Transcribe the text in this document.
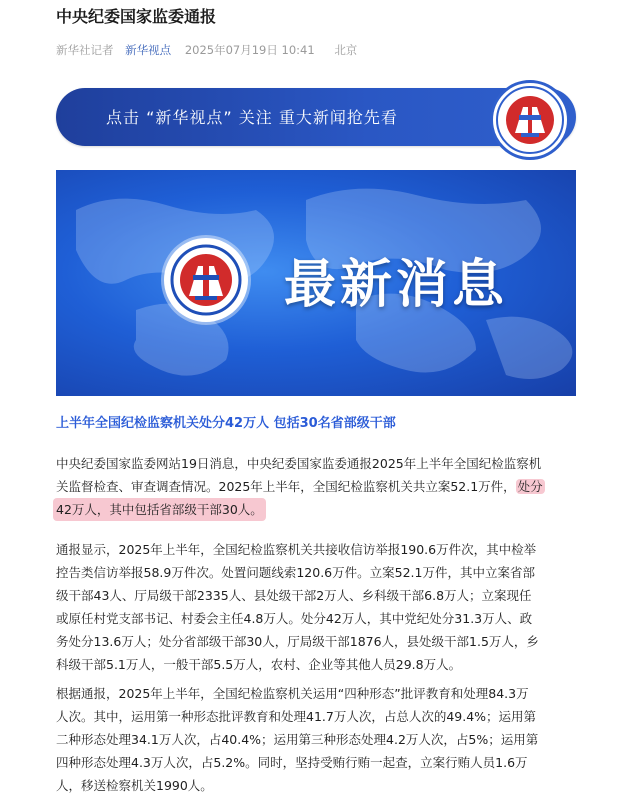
中央纪委国家监委通报
新华社记者 新华视点 2025年07月19日 10:41 北京
点击 “新华视点” 关注 重大新闻抢先看
最新消息
上半年全国纪检监察机关处分42万人 包括30名省部级干部
中央纪委国家监委网站19日消息，中央纪委国家监委通报2025年上半年全国纪检监察机
关监督检查、审查调查情况。2025年上半年，全国纪检监察机关共立案52.1万件， 处分
42万人，其中包括省部级干部30人。
通报显示，2025年上半年，全国纪检监察机关共接收信访举报190.6万件次，其中检举
控告类信访举报58.9万件次。处置问题线索120.6万件。立案52.1万件，其中立案省部
级干部43人、厅局级干部2335人、县处级干部2万人、乡科级干部6.8万人；立案现任
或原任村党支部书记、村委会主任4.8万人。处分42万人，其中党纪处分31.3万人、政
务处分13.6万人；处分省部级干部30人，厅局级干部1876人，县处级干部1.5万人，乡
科级干部5.1万人，一般干部5.5万人，农村、企业等其他人员29.8万人。
根据通报，2025年上半年，全国纪检监察机关运用“四种形态”批评教育和处理84.3万
人次。其中，运用第一种形态批评教育和处理41.7万人次，占总人次的49.4%；运用第
二种形态处理34.1万人次，占40.4%；运用第三种形态处理4.2万人次，占5%；运用第
四种形态处理4.3万人次，占5.2%。同时，坚持受贿行贿一起查，立案行贿人员1.6万
人，移送检察机关1990人。
